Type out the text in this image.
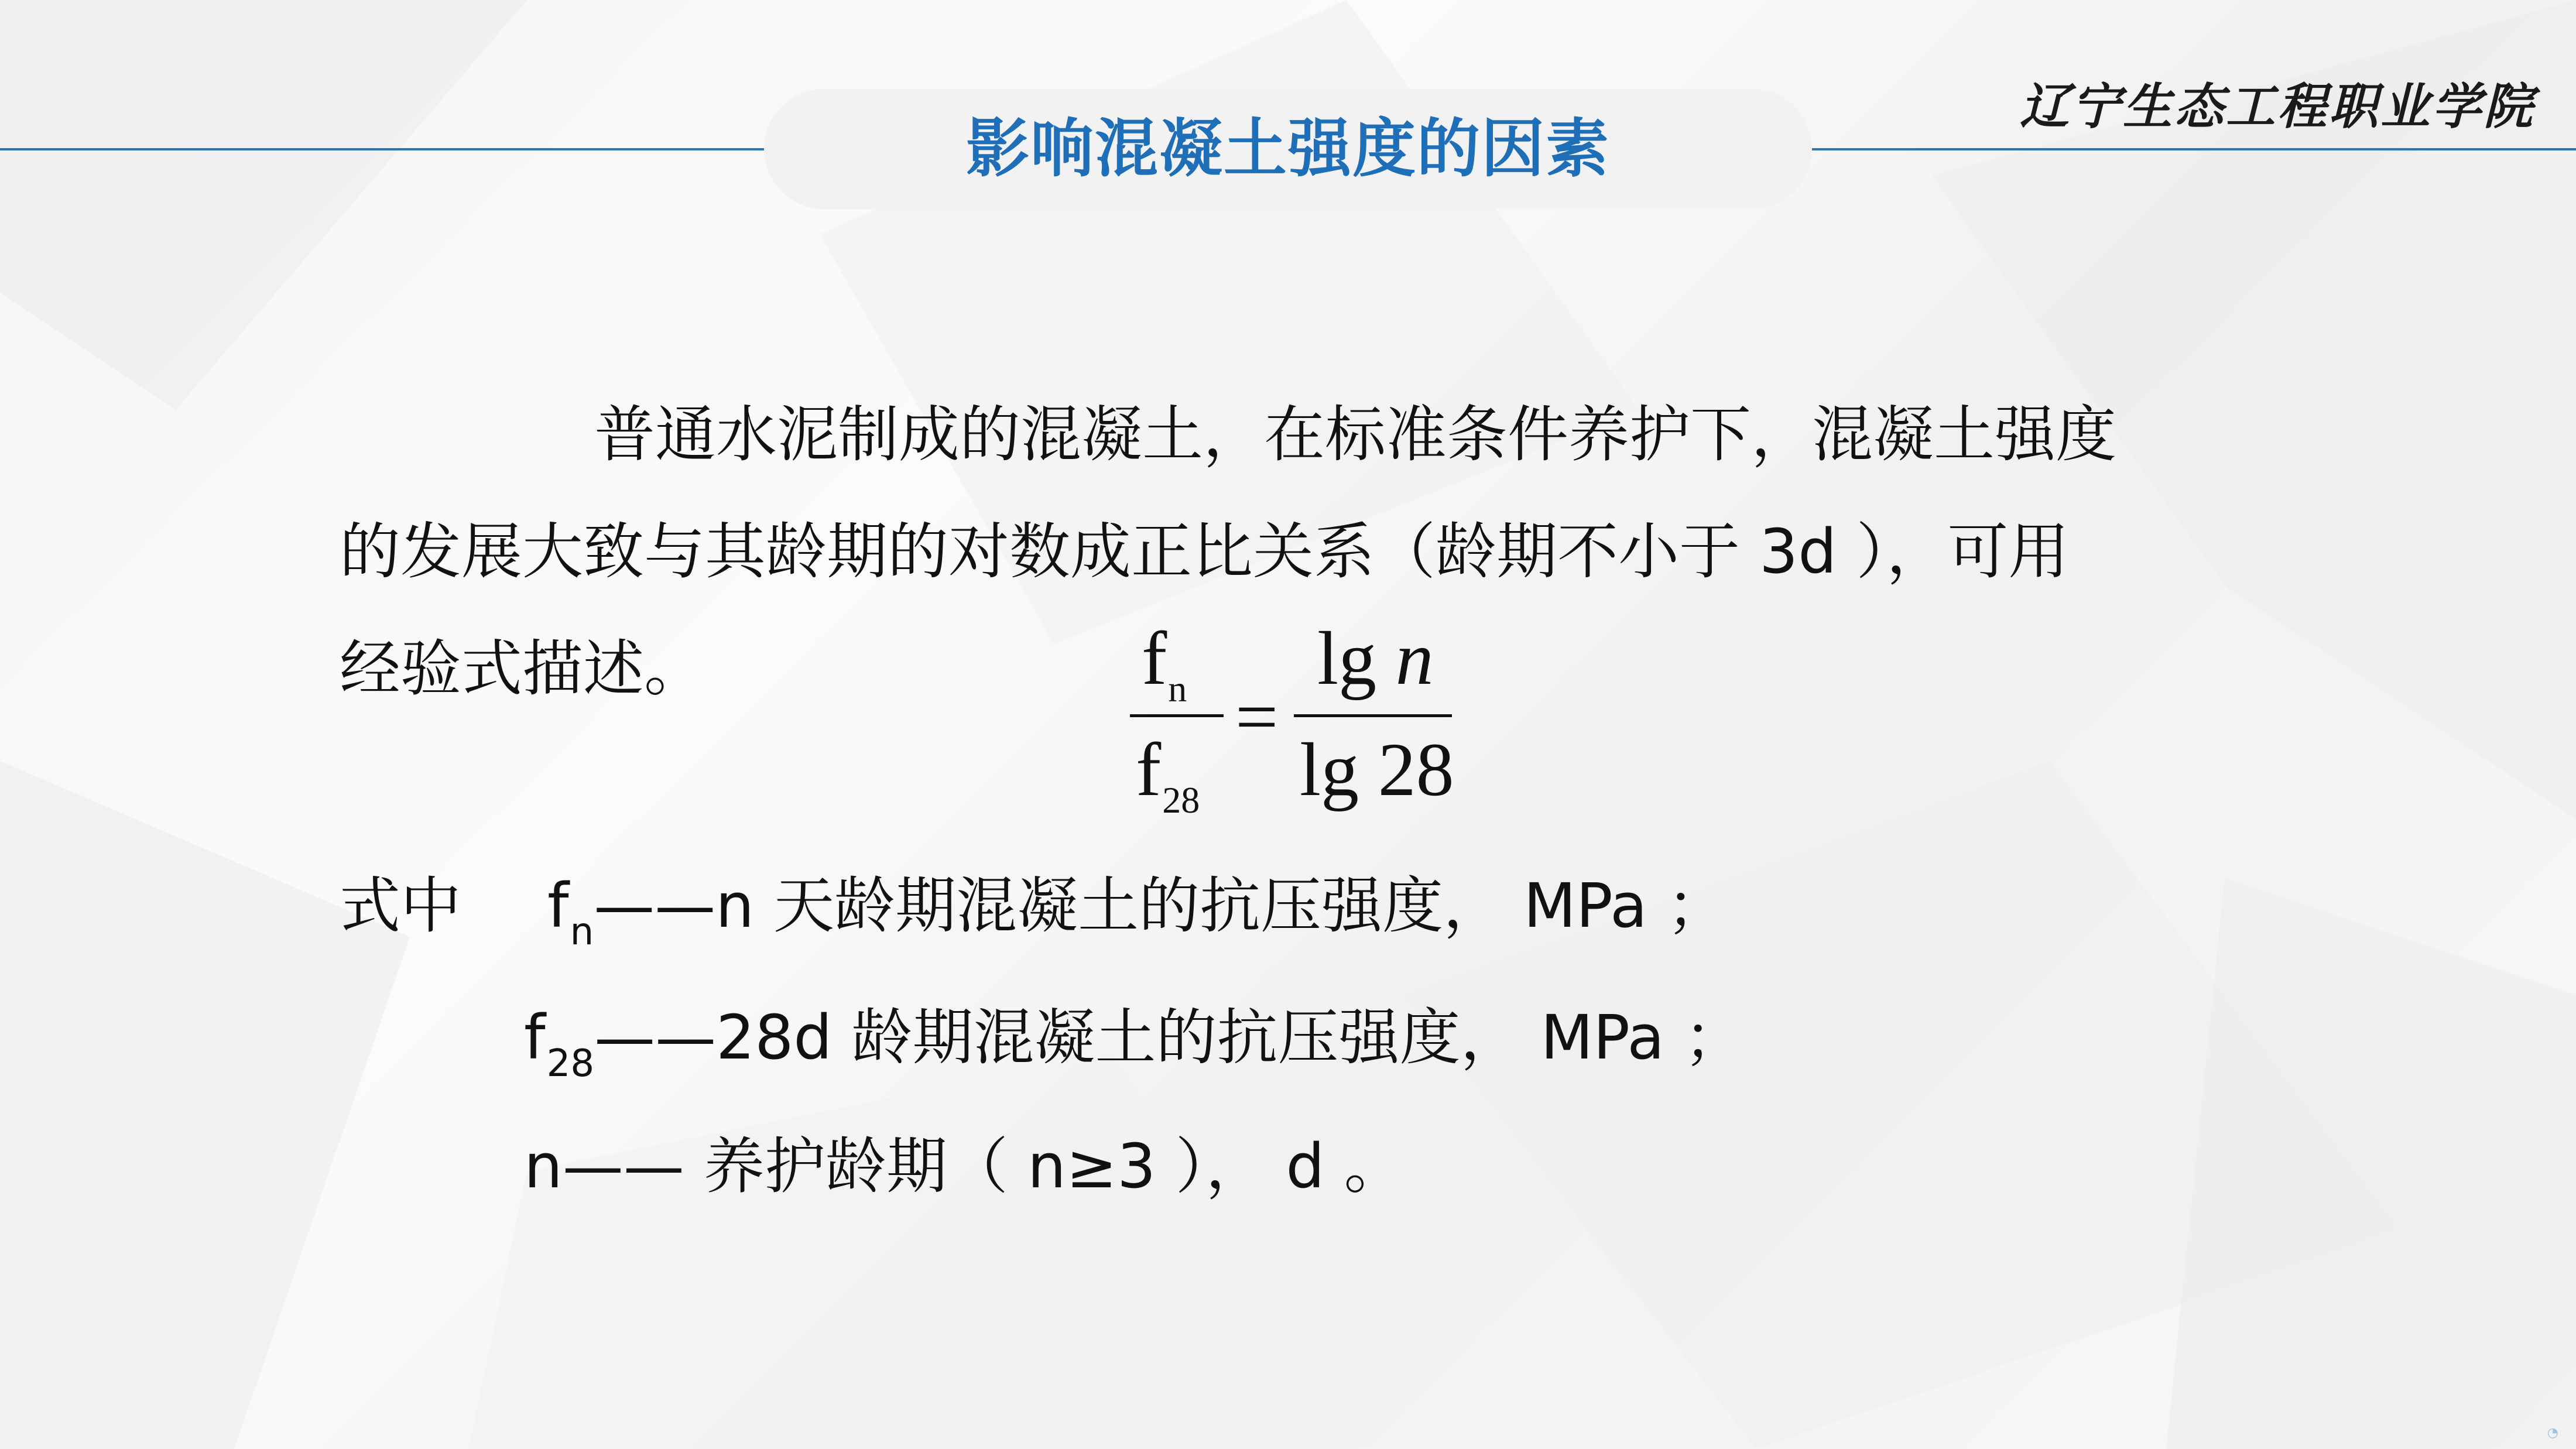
影响混凝土强度的因素
辽宁生态工程职业学院
普通水泥制成的混凝土，在标准条件养护下，混凝土强度
的发展大致与其龄期的对数成正比关系（龄期不小于 3d ），可用
经验式描述。	$f_n$
$f_{28}$
=
lg n
lg 28
式中 $f_n——n$ 天龄期混凝土的抗压强度， MPa ；
$f_{28}——28d$ 龄期混凝土的抗压强度， MPa ；
n—— 养护龄期（ n≥3 ）， d 。
◔
